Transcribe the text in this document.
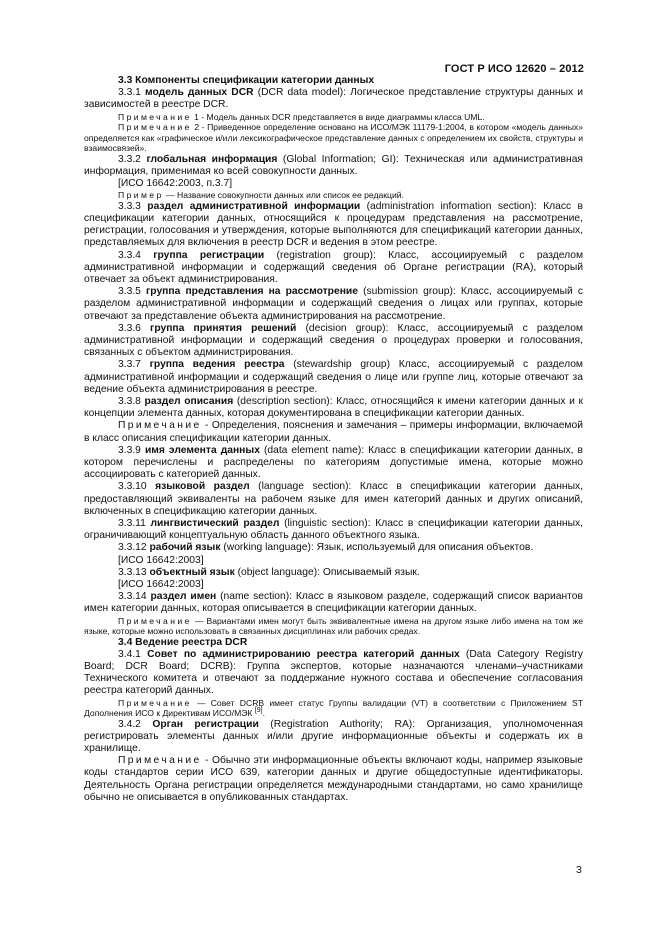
ГОСТ Р ИСО 12620 – 2012

3.3 Компоненты спецификации категории данных

3.3.1 модель данных DCR (DCR data model): Логическое представление структуры данных и зависимостей в реестре DCR.

Примечание 1 - Модель данных DCR представляется в виде диаграммы класса UML.

Примечание 2 - Приведенное определение основано на ИСО/МЭК 11179-1:2004, в котором «модель данных» определяется как «графическое и/или лексикографическое представление данных с определением их свойств, структуры и взаимосвязей».

3.3.2 глобальная информация (Global Information; GI): Техническая или административная информация, применимая ко всей совокупности данных.

[ИСО 16642:2003, п.3.7]

Пример — Название совокупности данных или список ее редакций.

3.3.3 раздел административной информации (administration information section): Класс в спецификации категории данных, относящийся к процедурам представления на рассмотрение, регистрации, голосования и утверждения, которые выполняются для спецификаций категории данных, представляемых для включения в реестр DCR и ведения в этом реестре.

3.3.4 группа регистрации (registration group): Класс, ассоциируемый с разделом административной информации и содержащий сведения об Органе регистрации (RA), который отвечает за объект администрирования.

3.3.5 группа представления на рассмотрение (submission group): Класс, ассоциируемый с разделом административной информации и содержащий сведения о лицах или группах, которые отвечают за представление объекта администрирования на рассмотрение.

3.3.6 группа принятия решений (decision group): Класс, ассоциируемый с разделом административной информации и содержащий сведения о процедурах проверки и голосования, связанных с объектом администрирования.

3.3.7 группа ведения реестра (stewardship group) Класс, ассоциируемый с разделом административной информации и содержащий сведения о лице или группе лиц, которые отвечают за ведение объекта администрирования в реестре.

3.3.8 раздел описания (description section): Класс, относящийся к имени категории данных и к концепции элемента данных, которая документирована в спецификации категории данных.

Примечание - Определения, пояснения и замечания – примеры информации, включаемой в класс описания спецификации категории данных.

3.3.9 имя элемента данных (data element name): Класс в спецификации категории данных, в котором перечислены и распределены по категориям допустимые имена, которые можно ассоциировать с категорией данных.

3.3.10 языковой раздел (language section): Класс в спецификации категории данных, предоставляющий эквиваленты на рабочем языке для имен категорий данных и других описаний, включенных в спецификацию категории данных.

3.3.11 лингвистический раздел (linguistic section): Класс в спецификации категории данных, ограничивающий концептуальную область данного объектного языка.

3.3.12 рабочий язык (working language): Язык, используемый для описания объектов.

[ИСО 16642:2003]

3.3.13 объектный язык (object language): Описываемый язык.

[ИСО 16642:2003]

3.3.14 раздел имен (name section): Класс в языковом разделе, содержащий список вариантов имен категории данных, которая описывается в спецификации категории данных.

Примечание — Вариантами имен могут быть эквивалентные имена на другом языке либо имена на том же языке, которые можно использовать в связанных дисциплинах или рабочих средах.

3.4 Ведение реестра DCR

3.4.1 Совет по администрированию реестра категорий данных (Data Category Registry Board; DCR Board; DCRB): Группа экспертов, которые назначаются членами–участниками Технического комитета и отвечают за поддержание нужного состава и обеспечение согласования реестра категорий данных.

Примечание — Совет DCRB имеет статус Группы валидации (VT) в соответствии с Приложением ST Дополнения ИСО к Директивам ИСО/МЭК [9].

3.4.2 Орган регистрации (Registration Authority; RA): Организация, уполномоченная регистрировать элементы данных и/или другие информационные объекты и содержать их в хранилище.

Примечание - Обычно эти информационные объекты включают коды, например языковые коды стандартов серии ИСО 639, категории данных и другие общедоступные идентификаторы. Деятельность Органа регистрации определяется международными стандартами, но само хранилище обычно не описывается в опубликованных стандартах.

3
